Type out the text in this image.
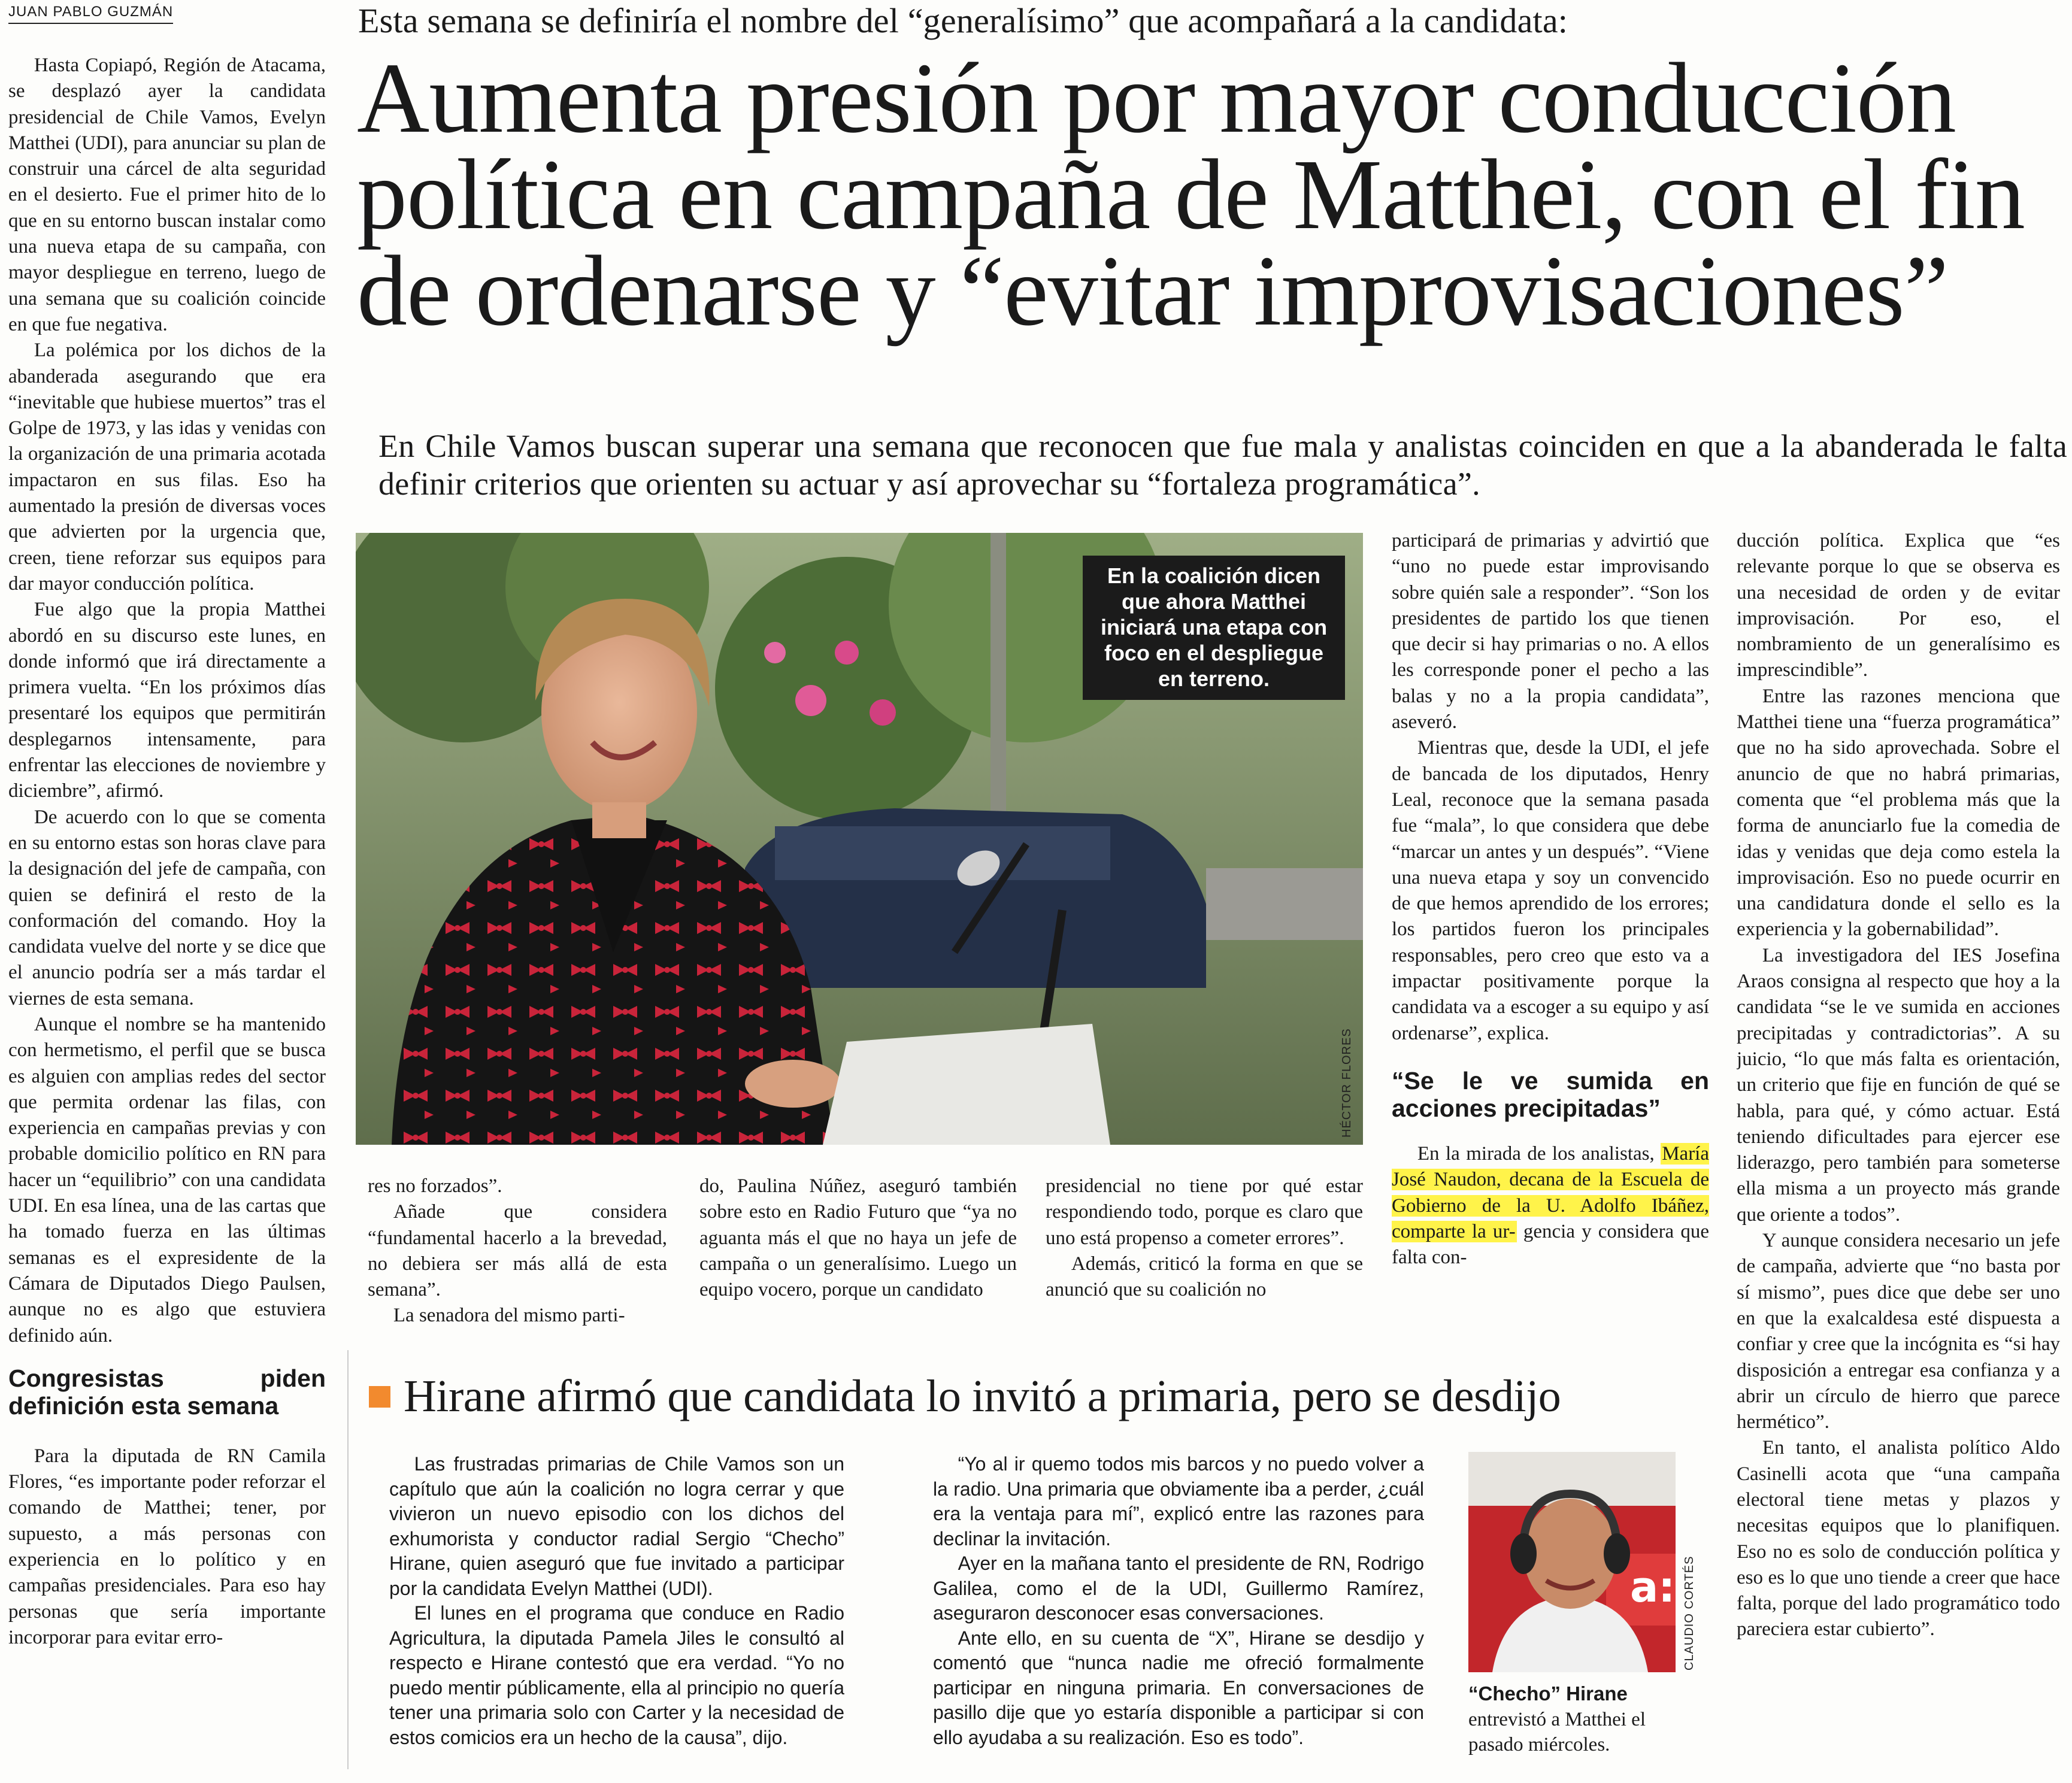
JUAN PABLO GUZMÁN	Esta semana se definiría el nombre del “generalísimo” que acompañará a la candidata:
Aumenta presión por mayor conducción
política en campaña de Matthei, con el fin
de ordenarse y “evitar improvisaciones”
En Chile Vamos buscan superar una semana que reconocen que fue mala y analistas coinciden en que a la abanderada le falta definir criterios que orienten su actuar y así aprovechar su “fortaleza programática”.

Hasta Copiapó, Región de Atacama, se desplazó ayer la candidata presidencial de Chile Vamos, Evelyn Matthei (UDI), para anunciar su plan de construir una cárcel de alta seguridad en el desierto. Fue el primer hito de lo que en su entorno buscan instalar como una nueva etapa de su campaña, con mayor despliegue en terreno, luego de una semana que su coalición coincide en que fue negativa.

La polémica por los dichos de la abanderada asegurando que era “inevitable que hubiese muertos” tras el Golpe de 1973, y las idas y venidas con la organización de una primaria acotada impactaron en sus filas. Eso ha aumentado la presión de diversas voces que advierten por la urgencia que, creen, tiene reforzar sus equipos para dar mayor conducción política.

Fue algo que la propia Matthei abordó en su discurso este lunes, en donde informó que irá directamente a primera vuelta. “En los próximos días presentaré los equipos que permitirán desplegarnos intensamente, para enfrentar las elecciones de noviembre y diciembre”, afirmó.

De acuerdo con lo que se comenta en su entorno estas son horas clave para la designación del jefe de campaña, con quien se definirá el resto de la conformación del comando. Hoy la candidata vuelve del norte y se dice que el anuncio podría ser a más tardar el viernes de esta semana.

Aunque el nombre se ha mantenido con hermetismo, el perfil que se busca es alguien con amplias redes del sector que permita ordenar las filas, con experiencia en campañas previas y con probable domicilio político en RN para hacer un “equilibrio” con una candidata UDI. En esa línea, una de las cartas que ha tomado fuerza en las últimas semanas es el expresidente de la Cámara de Diputados Diego Paulsen, aunque no es algo que estuviera definido aún.

Congresistas piden definición esta semana

Para la diputada de RN Camila Flores, “es importante poder reforzar el comando de Matthei; tener, por supuesto, a más personas con experiencia en lo político y en campañas presidenciales. Para eso hay personas que sería importante incorporar para evitar erro-

En la coalición dicen que ahora Matthei iniciará una etapa con foco en el despliegue en terreno.
HÉCTOR FLORES

res no forzados”.

Añade que considera “fundamental hacerlo a la brevedad, no debiera ser más allá de esta semana”.

La senadora del mismo parti-

do, Paulina Núñez, aseguró también sobre esto en Radio Futuro que “ya no aguanta más el que no haya un jefe de campaña o un generalísimo. Luego un equipo vocero, porque un candidato

presidencial no tiene por qué estar respondiendo todo, porque es claro que uno está propenso a cometer errores”.

Además, criticó la forma en que se anunció que su coalición no

participará de primarias y advirtió que “uno no puede estar improvisando sobre quién sale a responder”. “Son los presidentes de partido los que tienen que decir si hay primarias o no. A ellos les corresponde poner el pecho a las balas y no a la propia candidata”, aseveró.

Mientras que, desde la UDI, el jefe de bancada de los diputados, Henry Leal, reconoce que la semana pasada fue “mala”, lo que considera que debe “marcar un antes y un después”. “Viene una nueva etapa y soy un convencido de que hemos aprendido de los errores; los partidos fueron los principales responsables, pero creo que esto va a impactar positivamente porque la candidata va a escoger a su equipo y así ordenarse”, explica.

“Se le ve sumida en acciones precipitadas”

En la mirada de los analistas, María José Naudon, decana de la Escuela de Gobierno de la U. Adolfo Ibáñez, comparte la ur- gencia y considera que falta con-

ducción política. Explica que “es relevante porque lo que se observa es una necesidad de orden y de evitar improvisación. Por eso, el nombramiento de un generalísimo es imprescindible”.

Entre las razones menciona que Matthei tiene una “fuerza programática” que no ha sido aprovechada. Sobre el anuncio de que no habrá primarias, comenta que “el problema más que la forma de anunciarlo fue la comedia de idas y venidas que deja como estela la improvisación. Eso no puede ocurrir en una candidatura donde el sello es la experiencia y la gobernabilidad”.

La investigadora del IES Josefina Araos consigna al respecto que hoy a la candidata “se le ve sumida en acciones precipitadas y contradictorias”. A su juicio, “lo que más falta es orientación, un criterio que fije en función de qué se habla, para qué, y cómo actuar. Está teniendo dificultades para ejercer ese liderazgo, pero también para someterse ella misma a un proyecto más grande que oriente a todos”.

Y aunque considera necesario un jefe de campaña, advierte que “no basta por sí mismo”, pues dice que debe ser uno en que la exalcaldesa esté dispuesta a confiar y cree que la incógnita es “si hay disposición a entregar esa confianza y a abrir un círculo de hierro que parece hermético”.

En tanto, el analista político Aldo Casinelli acota que “una campaña electoral tiene metas y plazos y necesitas equipos que lo planifiquen. Eso no es solo de conducción política y eso es lo que uno tiende a creer que hace falta, porque del lado programático todo pareciera estar cubierto”.

Hirane afirmó que candidata lo invitó a primaria, pero se desdijo

Las frustradas primarias de Chile Vamos son un capítulo que aún la coalición no logra cerrar y que vivieron un nuevo episodio con los dichos del exhumorista y conductor radial Sergio “Checho” Hirane, quien aseguró que fue invitado a participar por la candidata Evelyn Matthei (UDI).

El lunes en el programa que conduce en Radio Agricultura, la diputada Pamela Jiles le consultó al respecto e Hirane contestó que era verdad. “Yo no puedo mentir públicamente, ella al principio no quería tener una primaria solo con Carter y la necesidad de estos comicios era un hecho de la causa”, dijo.

“Yo al ir quemo todos mis barcos y no puedo volver a la radio. Una primaria que obviamente iba a perder, ¿cuál era la ventaja para mí”, explicó entre las razones para declinar la invitación.

Ayer en la mañana tanto el presidente de RN, Rodrigo Galilea, como el de la UDI, Guillermo Ramírez, aseguraron desconocer esas conversaciones.

Ante ello, en su cuenta de “X”, Hirane se desdijo y comentó que “nunca nadie me ofreció formalmente participar en ninguna primaria. En conversaciones de pasillo dije que yo estaría disponible a participar si con ello ayudaba a su realización. Eso es todo”.

a: CLAUDIO CORTÉS
“Checho” Hirane entrevistó a Matthei el pasado miércoles.
